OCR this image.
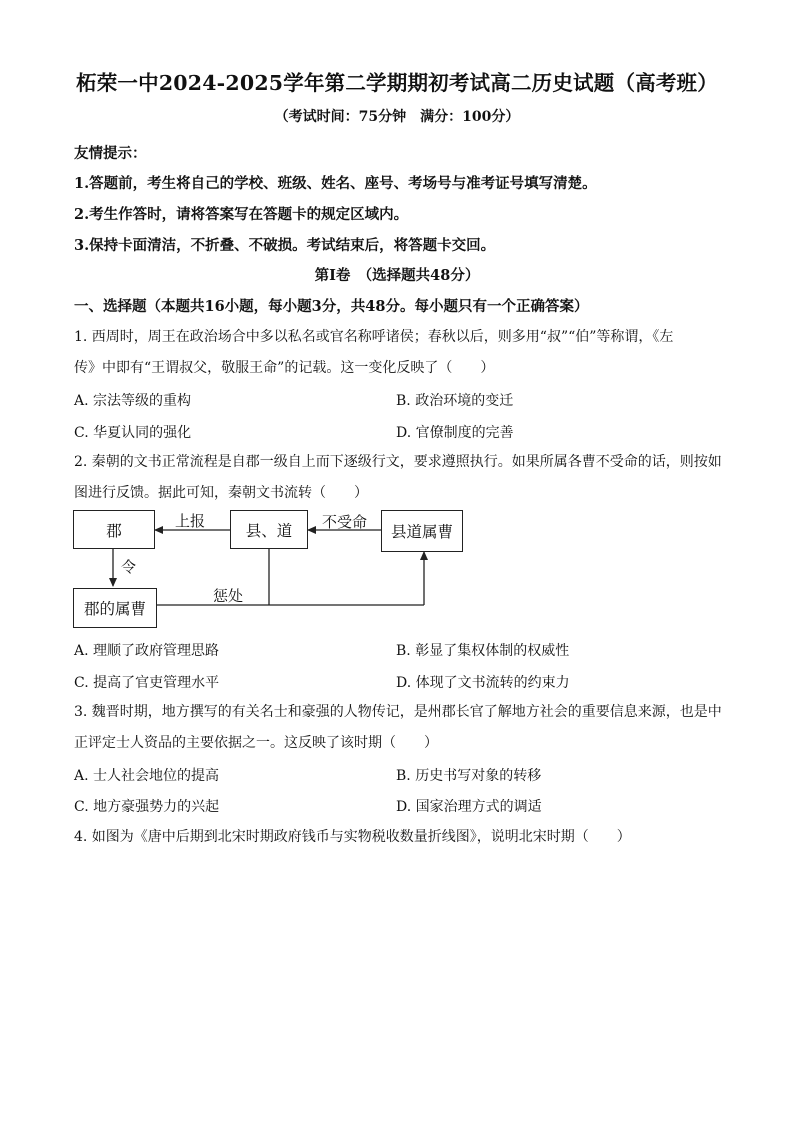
柘荣一中2024-2025学年第二学期期初考试高二历史试题（高考班）
（考试时间：75分钟　满分：100分）
友情提示：
1.答题前，考生将自己的学校、班级、姓名、座号、考场号与准考证号填写清楚。
2.考生作答时，请将答案写在答题卡的规定区域内。
3.保持卡面清洁，不折叠、不破损。考试结束后，将答题卡交回。
第Ⅰ卷　（选择题共48分）
一、选择题（本题共16小题，每小题3分，共48分。每小题只有一个正确答案）
1. 西周时，周王在政治场合中多以私名或官名称呼诸侯；春秋以后，则多用“叔”“伯”等称谓，《左
传》中即有“王谓叔父，敬服王命”的记载。这一变化反映了（　　）
A. 宗法等级的重构	B. 政治环境的变迁
C. 华夏认同的强化	D. 官僚制度的完善
2. 秦朝的文书正常流程是自郡一级自上而下逐级行文，要求遵照执行。如果所属各曹不受命的话，则按如
图进行反馈。据此可知，秦朝文书流转（　　）
郡	县、道	县道属曹
郡的属曹
上报	不受命
令
惩处
A. 理顺了政府管理思路	B. 彰显了集权体制的权威性
C. 提高了官吏管理水平	D. 体现了文书流转的约束力
3. 魏晋时期，地方撰写的有关名士和豪强的人物传记，是州郡长官了解地方社会的重要信息来源，也是中
正评定士人资品的主要依据之一。这反映了该时期（　　）
A. 士人社会地位的提高	B. 历史书写对象的转移
C. 地方豪强势力的兴起	D. 国家治理方式的调适
4. 如图为《唐中后期到北宋时期政府钱币与实物税收数量折线图》，说明北宋时期（　　）
